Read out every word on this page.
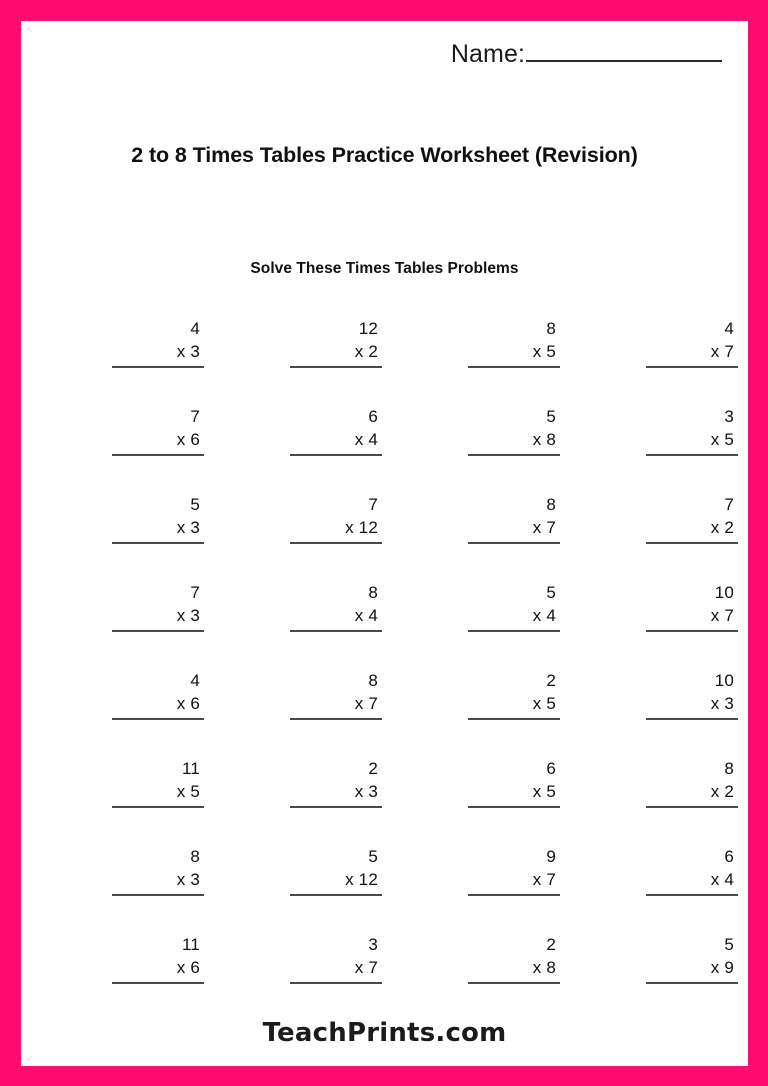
Name:
2 to 8 Times Tables Practice Worksheet (Revision)
Solve These Times Tables Problems
4
x 3
12
x 2
8
x 5
4
x 7
7
x 6
6
x 4
5
x 8
3
x 5
5
x 3
7
x 12
8
x 7
7
x 2
7
x 3
8
x 4
5
x 4
10
x 7
4
x 6
8
x 7
2
x 5
10
x 3
11
x 5
2
x 3
6
x 5
8
x 2
8
x 3
5
x 12
9
x 7
6
x 4
11
x 6
3
x 7
2
x 8
5
x 9
TeachPrints.com
